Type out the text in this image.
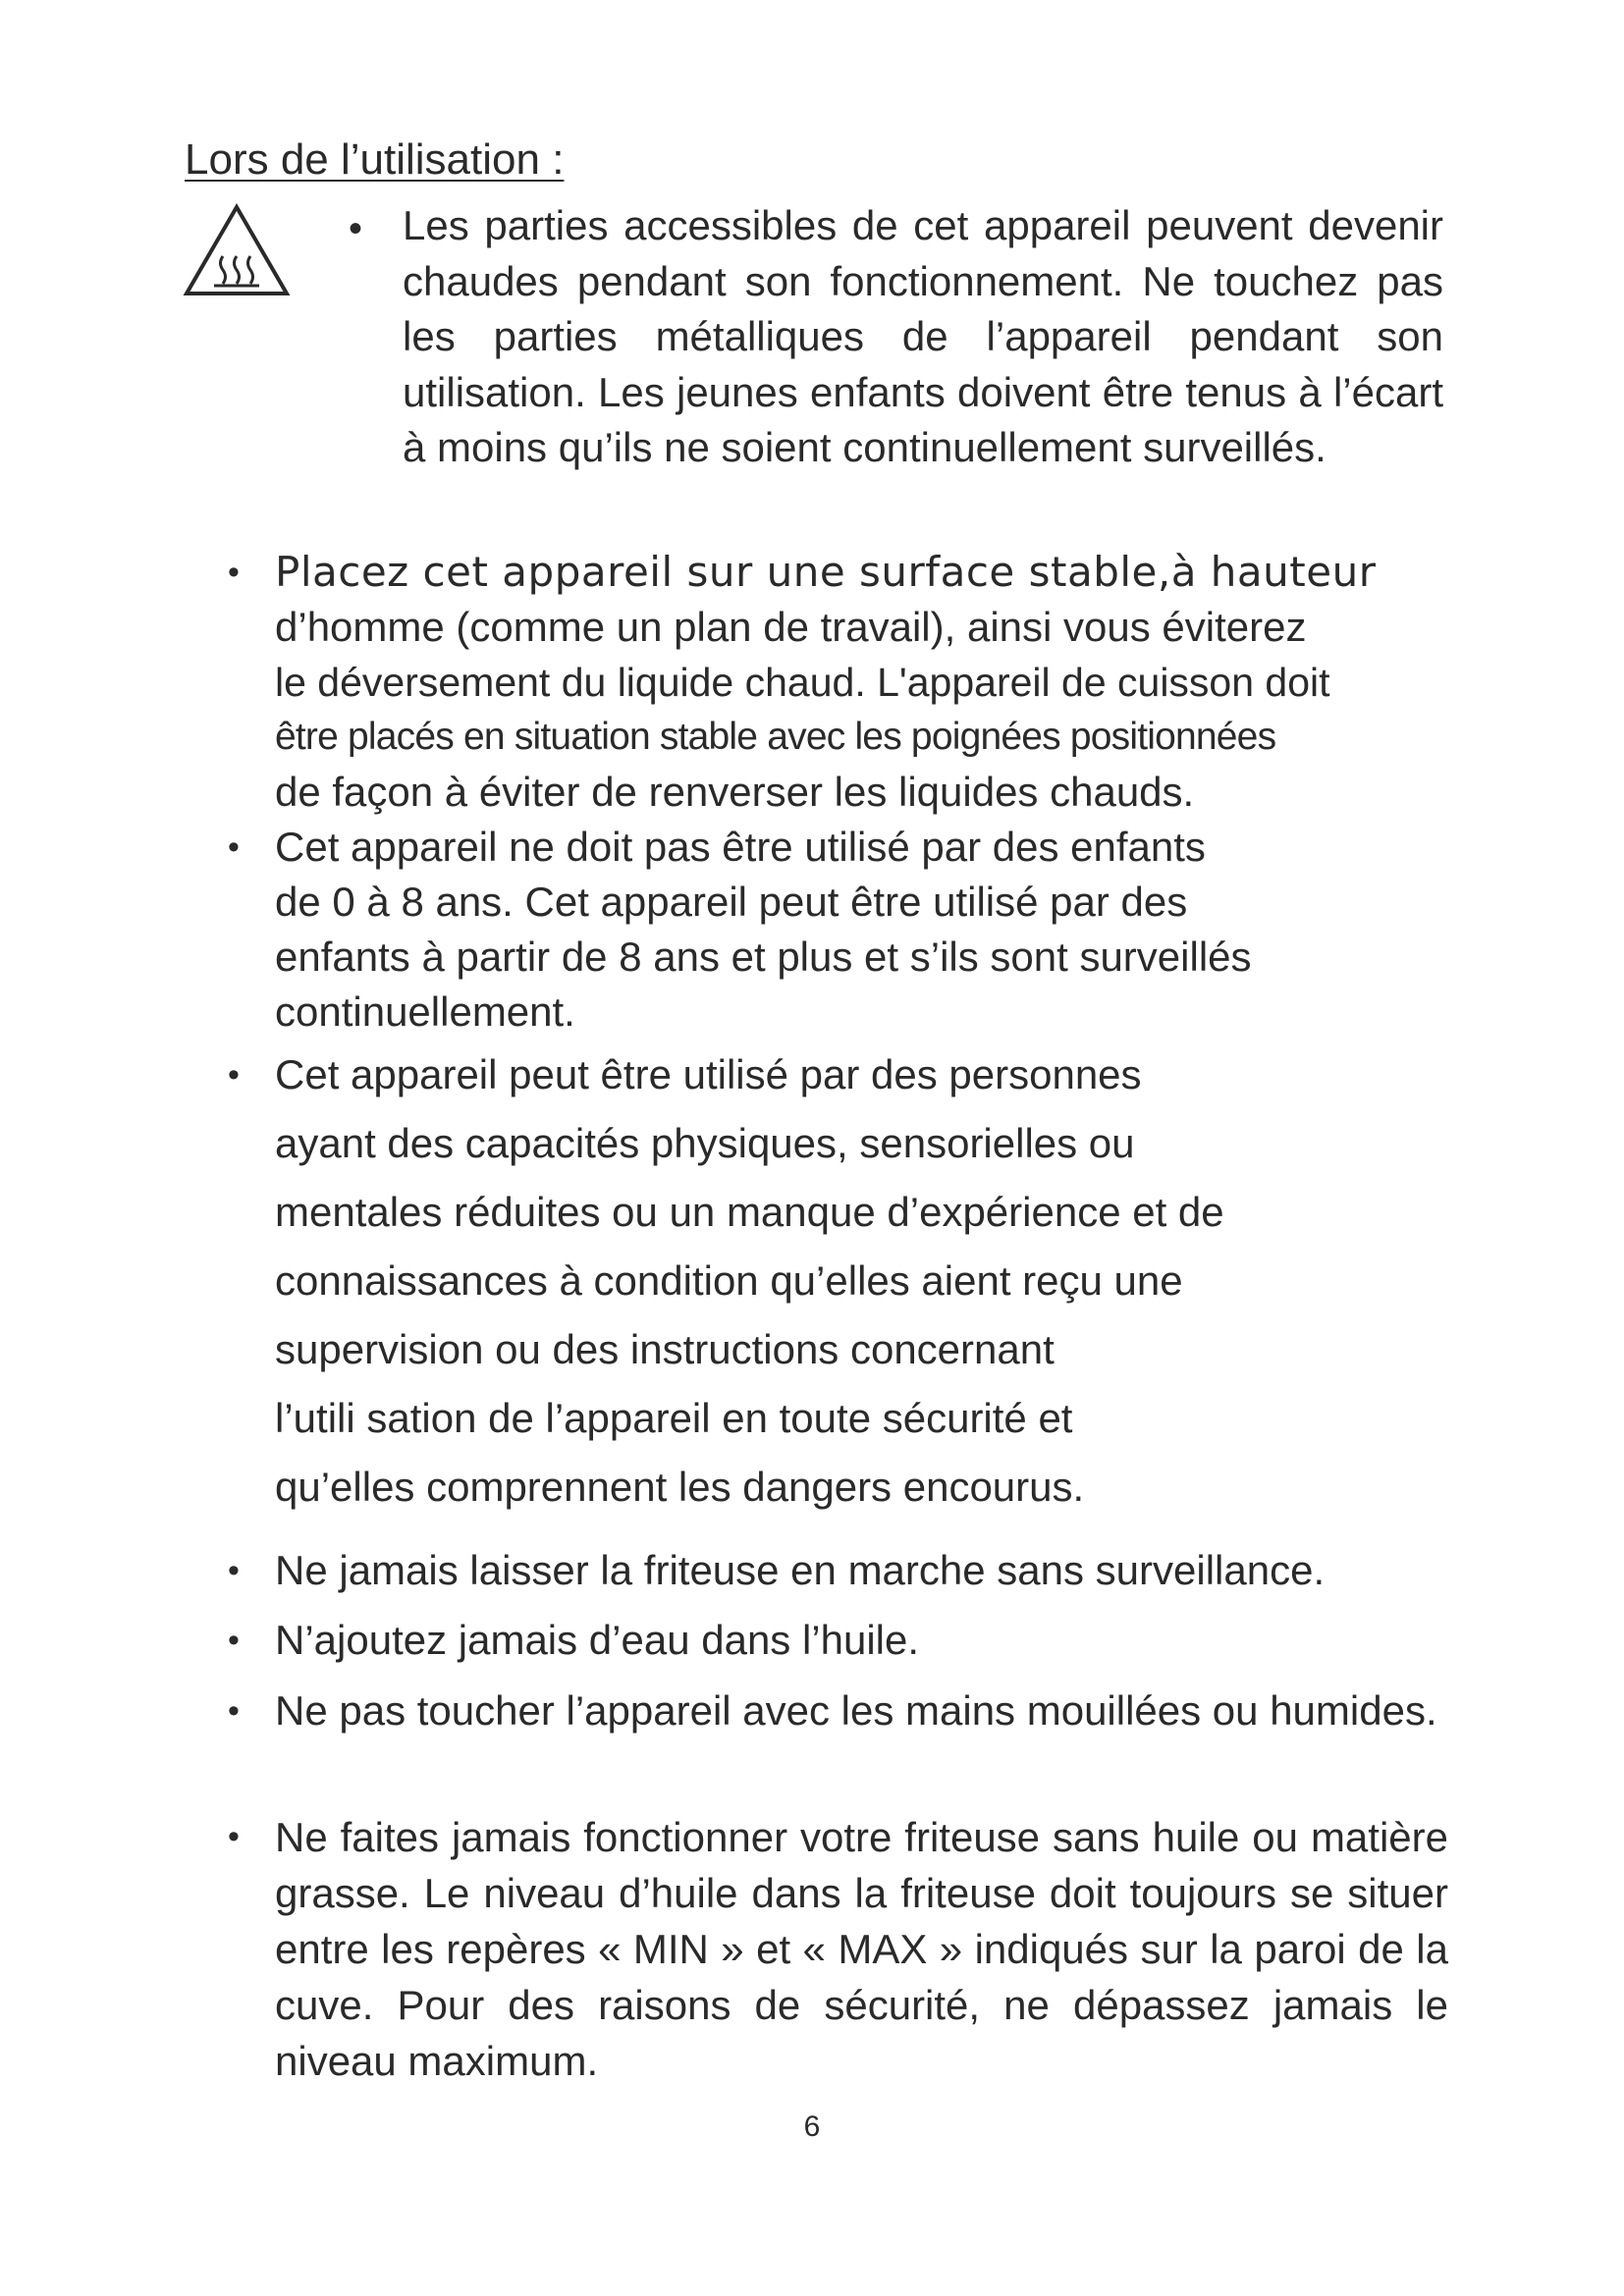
Lors de l’utilisation :
• Les parties accessibles de cet appareil peuvent devenir chaudes pendant son fonctionnement. Ne touchez pas les parties métalliques de l’appareil pendant son utilisation. Les jeunes enfants doivent être tenus à l’écart à moins qu’ils ne soient continuellement surveillés.

• Placez cet appareil sur une surface stable,à hauteur
d’homme (comme un plan de travail), ainsi vous éviterez
le déversement du liquide chaud. L'appareil de cuisson doit
être placés en situation stable avec les poignées positionnées
de façon à éviter de renverser les liquides chauds.
• Cet appareil ne doit pas être utilisé par des enfants
de 0 à 8 ans. Cet appareil peut être utilisé par des
enfants à partir de 8 ans et plus et s’ils sont surveillés
continuellement.
• Cet appareil peut être utilisé par des personnes
ayant des capacités physiques, sensorielles ou
mentales réduites ou un manque d’expérience et de
connaissances à condition qu’elles aient reçu une
supervision ou des instructions concernant
l’utili sation de l’appareil en toute sécurité et
qu’elles comprennent les dangers encourus.
• Ne jamais laisser la friteuse en marche sans surveillance.
• N’ajoutez jamais d’eau dans l’huile.
• Ne pas toucher l’appareil avec les mains mouillées ou humides.
• Ne faites jamais fonctionner votre friteuse sans huile ou matière grasse. Le niveau d’huile dans la friteuse doit toujours se situer entre les repères « MIN » et « MAX » indiqués sur la paroi de la cuve. Pour des raisons de sécurité, ne dépassez jamais le niveau maximum.
6
